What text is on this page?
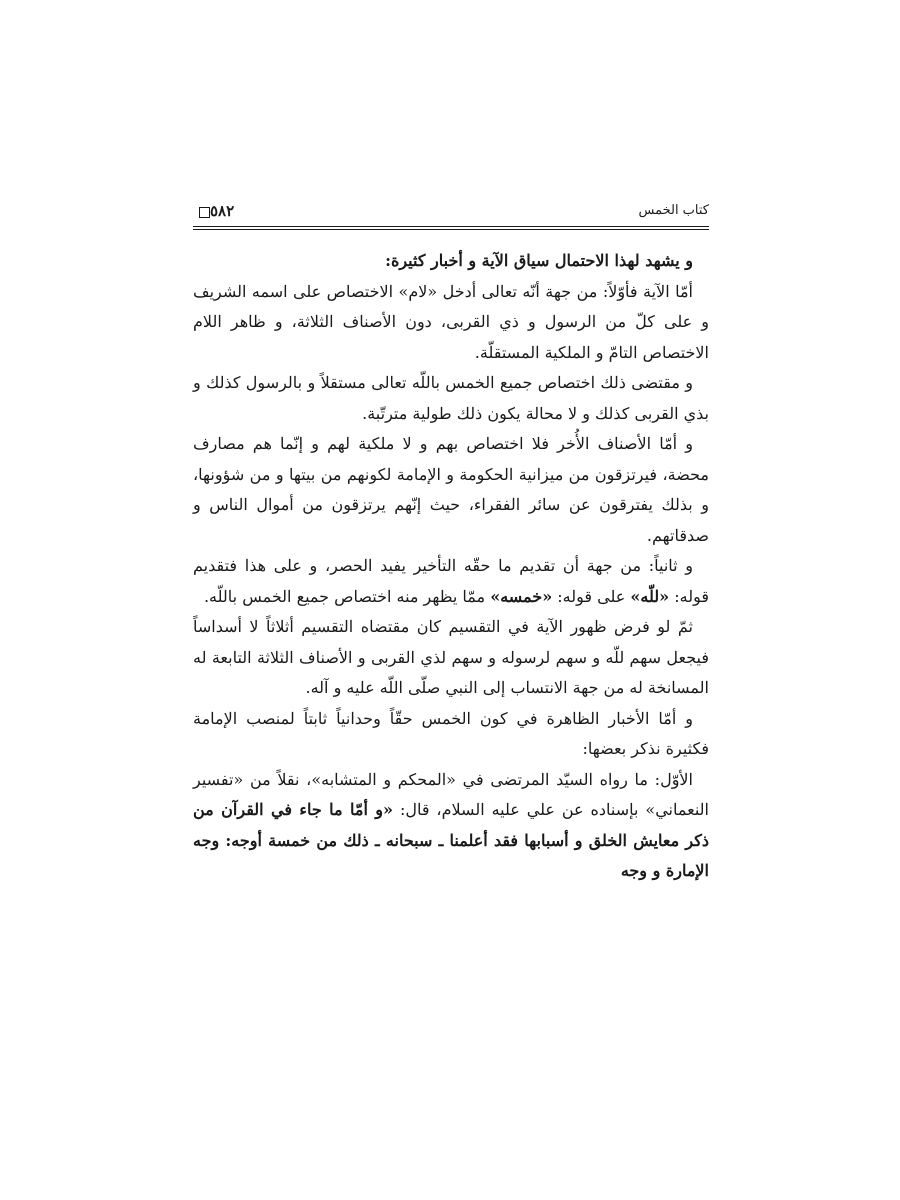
٥٨٢	كتاب الخمس

و يشهد لهذا الاحتمال سياق الآية و أخبار كثيرة:

أمّا الآية فأوّلاً: من جهة أنّه تعالى أدخل «لام» الاختصاص على اسمه الشريف و على كلّ من الرسول و ذي القربى، دون الأصناف الثلاثة، و ظاهر اللام الاختصاص التامّ و الملكية المستقلّة.

و مقتضى ذلك اختصاص جميع الخمس باللّه تعالى مستقلاً و بالرسول كذلك و بذي القربى كذلك و لا محالة يكون ذلك طولية مترتّبة.

و أمّا الأصناف الأُخر فلا اختصاص بهم و لا ملكية لهم و إنّما هم مصارف محضة، فيرتزقون من ميزانية الحكومة و الإمامة لكونهم من بيتها و من شؤونها، و بذلك يفترقون عن سائر الفقراء، حيث إنّهم يرتزقون من أموال الناس و صدقاتهم.

و ثانياً: من جهة أن تقديم ما حقّه التأخير يفيد الحصر، و على هذا فتقديم قوله: «للّه» على قوله: «خمسه» ممّا يظهر منه اختصاص جميع الخمس باللّه.

ثمّ لو فرض ظهور الآية في التقسيم كان مقتضاه التقسيم أثلاثاً لا أسداساً فيجعل سهم للّه و سهم لرسوله و سهم لذي القربى و الأصناف الثلاثة التابعة له المسانخة له من جهة الانتساب إلى النبي صلّى اللّه عليه و آله.

و أمّا الأخبار الظاهرة في كون الخمس حقّاً وحدانياً ثابتاً لمنصب الإمامة فكثيرة نذكر بعضها:

الأوّل: ما رواه السيّد المرتضى في «المحكم و المتشابه»، نقلاً من «تفسير النعماني» بإسناده عن علي عليه السلام، قال: «و أمّا ما جاء في القرآن من ذكر معايش الخلق و أسبابها فقد أعلمنا ـ سبحانه ـ ذلك من خمسة أوجه: وجه الإمارة و وجه
